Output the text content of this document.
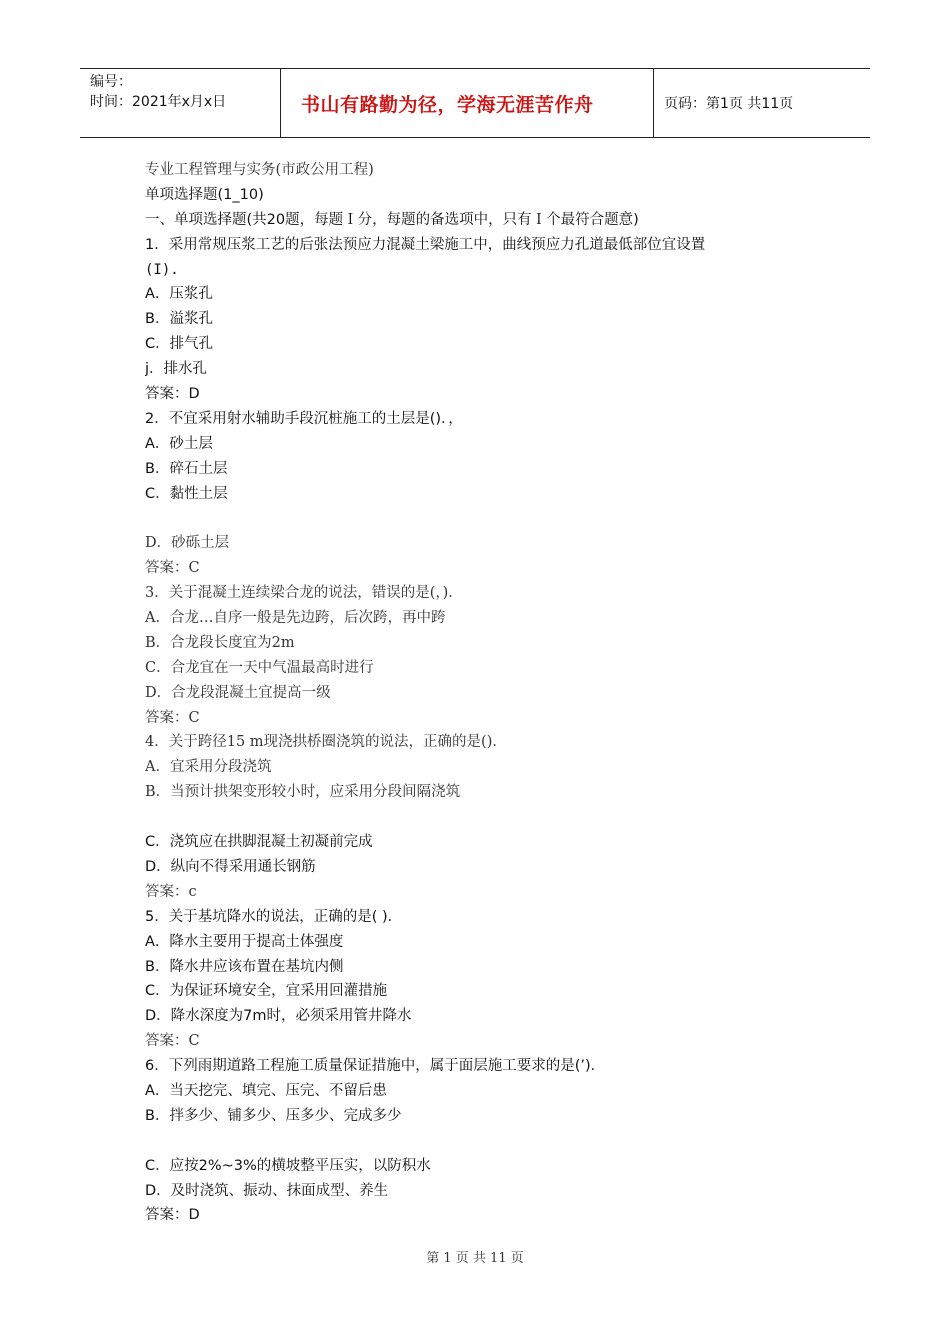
编号：
时间：2021年x月x日	书山有路勤为径，学海无涯苦作舟	页码：第1页 共11页
专业工程管理与实务(市政公用工程)
单项选择题(1_10)
一、单项选择题(共20题，每题Ｉ分，每题的备选项中，只有Ｉ个最符合题意)
1．采用常规压浆工艺的后张法预应力混凝土梁施工中，曲线预应力孔道最低部位宜设置
(I).
A．压浆孔
B．溢浆孔
C．排气孔
j．排水孔
答案：D
2．不宜采用射水辅助手段沉桩施工的土层是()．，
A．砂土层
B．碎石土层
C．黏性土层
D．砂砾土层
答案：C
3．关于混凝土连续梁合龙的说法，错误的是(，)．
A．合龙…自序一般是先边跨，后次跨，再中跨
B．合龙段长度宜为2m
C．合龙宜在一天中气温最高时进行
D．合龙段混凝土宜提高一级
答案：C
4．关于跨径15 m现浇拱桥圈浇筑的说法，正确的是()．
A．宜采用分段浇筑
B．当预计拱架变形较小时，应采用分段间隔浇筑
C．浇筑应在拱脚混凝土初凝前完成
D．纵向不得采用通长钢筋
答案：c
5．关于基坑降水的说法，正确的是( )．
A．降水主要用于提高土体强度
B．降水井应该布置在基坑内侧
C．为保证环境安全，宜采用回灌措施
D．降水深度为7m时，必须采用管井降水
答案：C
6．下列雨期道路工程施工质量保证措施中，属于面层施工要求的是(’)．
A．当天挖完、填完、压完、不留后患
B．拌多少、铺多少、压多少、完成多少
C．应按2%~3%的横坡整平压实，以防积水
D．及时浇筑、振动、抹面成型、养生
答案：D
第 1 页 共 11 页
